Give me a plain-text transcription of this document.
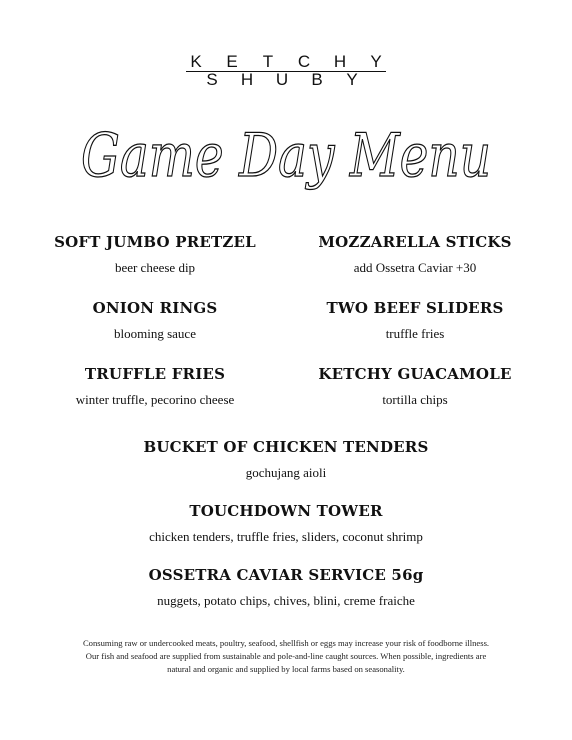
K E T C H Y
S H U B Y
Game Day Menu
SOFT JUMBO PRETZEL
beer cheese dip
ONION RINGS
blooming sauce
TRUFFLE FRIES
winter truffle, pecorino cheese
MOZZARELLA STICKS
add Ossetra Caviar +30
TWO BEEF SLIDERS
truffle fries
KETCHY GUACAMOLE
tortilla chips
BUCKET OF CHICKEN TENDERS
gochujang aioli
TOUCHDOWN TOWER
chicken tenders, truffle fries, sliders, coconut shrimp
OSSETRA CAVIAR SERVICE 56g
nuggets, potato chips, chives, blini, creme fraiche

Consuming raw or undercooked meats, poultry, seafood, shellfish or eggs may increase your risk of foodborne illness.

Our fish and seafood are supplied from sustainable and pole-and-line caught sources. When possible, ingredients are

natural and organic and supplied by local farms based on seasonality.
